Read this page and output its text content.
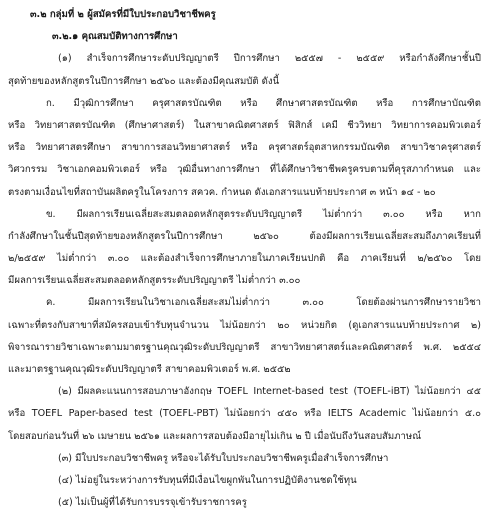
๓.๒ กลุ่มที่ ๒ ผู้สมัครที่มีใบประกอบวิชาชีพครู
๓.๒.๑ คุณสมบัติทางการศึกษา
(๑) สำเร็จการศึกษาระดับปริญญาตรี ปีการศึกษา ๒๕๕๗ - ๒๕๕๙ หรือกำลังศึกษาชั้นปี
สุดท้ายของหลักสูตรในปีการศึกษา ๒๕๖๐ และต้องมีคุณสมบัติ ดังนี้
ก. มีวุฒิการศึกษา ครุศาสตรบัณฑิต หรือ ศึกษาศาสตรบัณฑิต หรือ การศึกษาบัณฑิต
หรือ วิทยาศาสตรบัณฑิต (ศึกษาศาสตร์) ในสาขาคณิตศาสตร์ ฟิสิกส์ เคมี ชีววิทยา วิทยาการคอมพิวเตอร์
หรือ วิทยาศาสตรศึกษา สาขาการสอนวิทยาศาสตร์ หรือ ครุศาสตร์อุตสาหกรรมบัณฑิต สาขาวิชาครุศาสตร์
วิศวกรรม วิชาเอกคอมพิวเตอร์ หรือ วุฒิอื่นทางการศึกษา ที่ได้ศึกษาวิชาชีพครูครบตามที่คุรุสภากำหนด และ
ตรงตามเงื่อนไขที่สถาบันผลิตครูในโครงการ สควค. กำหนด ดังเอกสารแนบท้ายประกาศ ๓ หน้า ๑๔ - ๒๐
ข. มีผลการเรียนเฉลี่ยสะสมตลอดหลักสูตรระดับปริญญาตรี ไม่ต่ำกว่า ๓.๐๐ หรือ หาก
กำลังศึกษาในชั้นปีสุดท้ายของหลักสูตรในปีการศึกษา ๒๕๖๐ ต้องมีผลการเรียนเฉลี่ยสะสมถึงภาคเรียนที่
๒/๒๕๕๙ ไม่ต่ำกว่า ๓.๐๐ และต้องสำเร็จการศึกษาภายในภาคเรียนปกติ คือ ภาคเรียนที่ ๒/๒๕๖๐ โดย
มีผลการเรียนเฉลี่ยสะสมตลอดหลักสูตรระดับปริญญาตรี ไม่ต่ำกว่า ๓.๐๐
ค. มีผลการเรียนในวิชาเอกเฉลี่ยสะสมไม่ต่ำกว่า ๓.๐๐ โดยต้องผ่านการศึกษารายวิชา
เฉพาะที่ตรงกับสาขาที่สมัครสอบเข้ารับทุนจำนวน ไม่น้อยกว่า ๒๐ หน่วยกิต (ดูเอกสารแนบท้ายประกาศ ๒)
พิจารณารายวิชาเฉพาะตามมาตรฐานคุณวุฒิระดับปริญญาตรี สาขาวิทยาศาสตร์และคณิตศาสตร์ พ.ศ. ๒๕๕๔
และมาตรฐานคุณวุฒิระดับปริญญาตรี สาขาคอมพิวเตอร์ พ.ศ. ๒๕๕๒
(๒) มีผลคะแนนการสอบภาษาอังกฤษ TOEFL Internet-based test (TOEFL-iBT) ไม่น้อยกว่า ๔๕
หรือ TOEFL Paper-based test (TOEFL-PBT) ไม่น้อยกว่า ๔๕๐ หรือ IELTS Academic ไม่น้อยกว่า ๕.๐
โดยสอบก่อนวันที่ ๒๖ เมษายน ๒๕๖๑ และผลการสอบต้องมีอายุไม่เกิน ๒ ปี เมื่อนับถึงวันสอบสัมภาษณ์
(๓) มีใบประกอบวิชาชีพครู หรือจะได้รับใบประกอบวิชาชีพครูเมื่อสำเร็จการศึกษา
(๔) ไม่อยู่ในระหว่างการรับทุนที่มีเงื่อนไขผูกพันในการปฏิบัติงานชดใช้ทุน
(๕) ไม่เป็นผู้ที่ได้รับการบรรจุเข้ารับราชการครู
